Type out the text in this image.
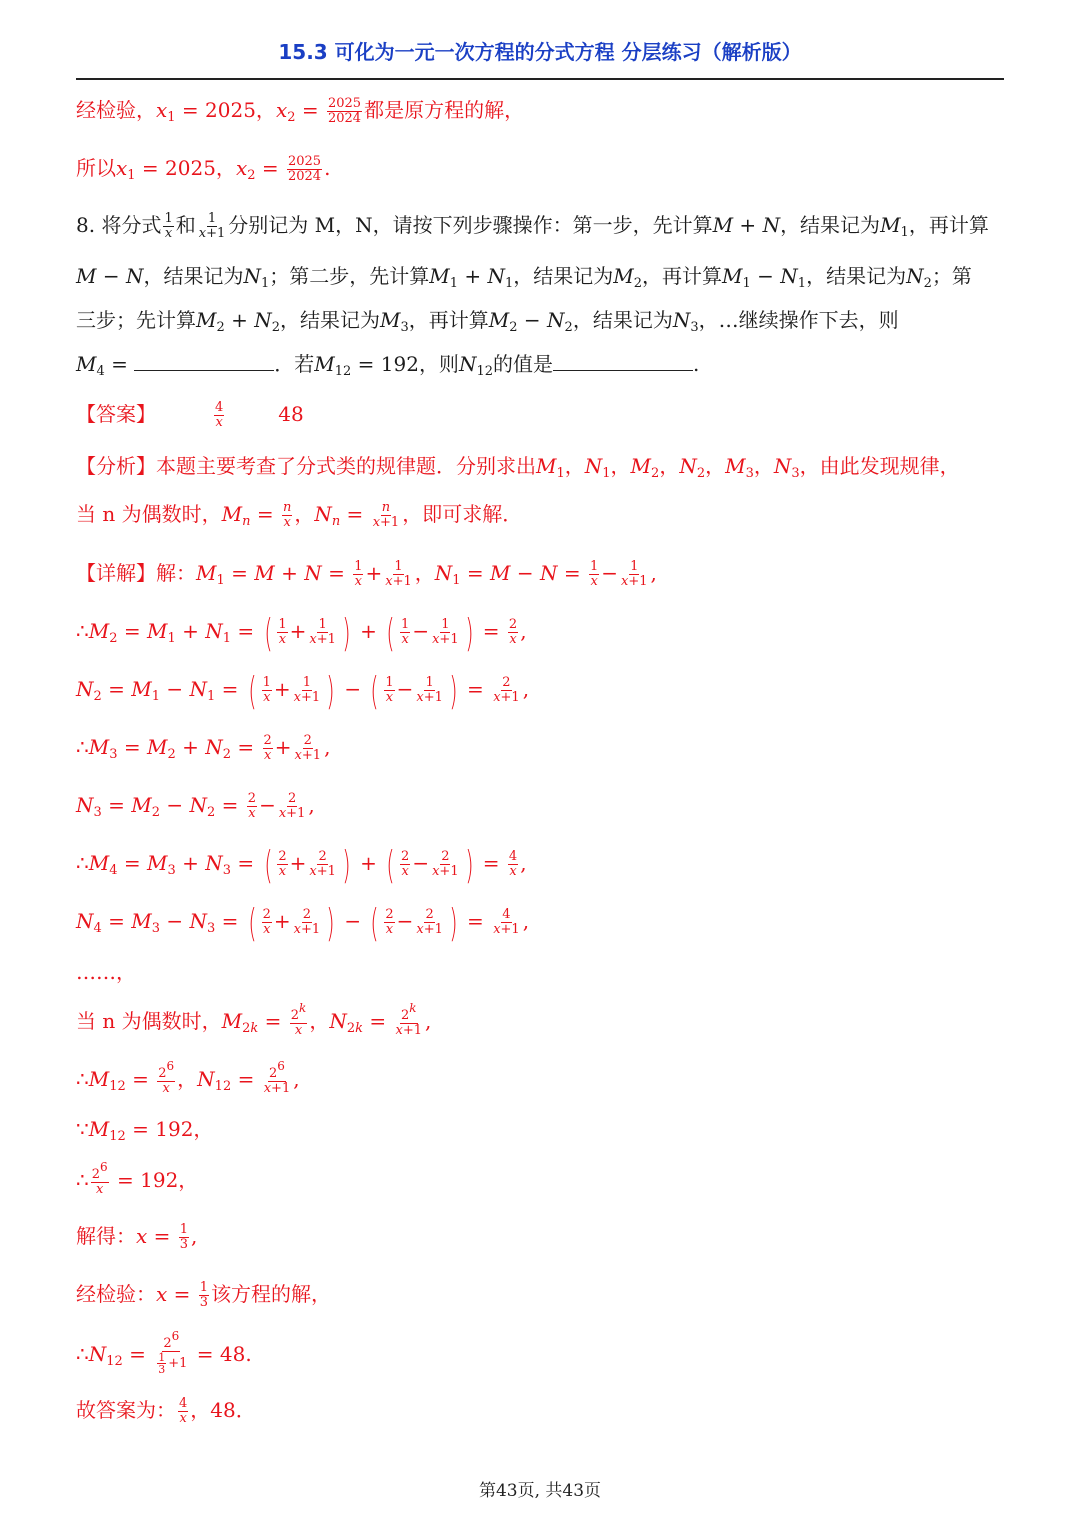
15.3 可化为一元一次方程的分式方程 分层练习（解析版）
经检验，$x_1 = 2025$，$x_2 = \frac{2025}{2024}$ 都是原方程的解，
所以$x_1 = 2025$，$x_2 = \frac{2025}{2024}$ .
8. 将分式 $\frac{1}{x}$ 和 $\frac{1}{x+1}$ 分别记为 M，N，请按下列步骤操作：第一步，先计算M + N，结果记为$M_1$，再计算
M − N，结果记为$N_1$；第二步，先计算$M_1 + N_1$，结果记为$M_2$，再计算$M_1 - N_1$，结果记为$N_2$；第
三步；先计算$M_2 + N_2$，结果记为$M_3$，再计算$M_2 - N_2$，结果记为$N_3$，…继续操作下去，则
$M_4$ =	．若$M_{12} = 192$，则$N_{12}$的值是	.
【答案】	$\frac{4}{x}$	48
【分析】本题主要考查了分式类的规律题．分别求出$M_1$，$N_1$，$M_2$，$N_2$，$M_3$，$N_3$，由此发现规律，
当 n 为偶数时，$M_n = \frac{n}{x}$ ，$N_n = \frac{n}{x+1}$ ，即可求解．
【详解】解：$M_1 = M + N = \frac{1}{x} + \frac{1}{x+1}$ ，$N_1 = M - N = \frac{1}{x} - \frac{1}{x+1}$ ,
$\therefore M_2 = M_1 + N_1$ = ( $\frac{1}{x} + \frac{1}{x+1}$ ) + ( $\frac{1}{x} - \frac{1}{x+1}$ ) = $\frac{2}{x}$ ,
$N_2 = M_1 - N_1$ = ( $\frac{1}{x} + \frac{1}{x+1}$ ) − ( $\frac{1}{x} - \frac{1}{x+1}$ ) = $\frac{2}{x+1}$ ,
$\therefore M_3 = M_2 + N_2 = \frac{2}{x} + \frac{2}{x+1}$ ,
$N_3 = M_2 - N_2 = \frac{2}{x} - \frac{2}{x+1}$ ,
$\therefore M_4 = M_3 + N_3$ = ( $\frac{2}{x} + \frac{2}{x+1}$ ) + ( $\frac{2}{x} - \frac{2}{x+1}$ ) = $\frac{4}{x}$ ,
$N_4 = M_3 - N_3$ = ( $\frac{2}{x} + \frac{2}{x+1}$ ) − ( $\frac{2}{x} - \frac{2}{x+1}$ ) = $\frac{4}{x+1}$ ,
……，
当 n 为偶数时，$M_{2k} = \frac{2^k}{x}$ ，$N_{2k} = \frac{2^k}{x+1}$ ,
$\therefore M_{12} = \frac{2^6}{x}$ ，$N_{12} = \frac{2^6}{x+1}$ ,
$\because M_{12} = 192$，
∴ $\frac{2^6}{x} = 192$，
解得：$x = \frac{1}{3}$ ,
经检验：$x = \frac{1}{3}$ 该方程的解，
$\therefore N_{12} = \frac{2^6}{\frac{1}{3} +1} = 48$.
故答案为： $\frac{4}{x}$ ，48．
第43页, 共43页
